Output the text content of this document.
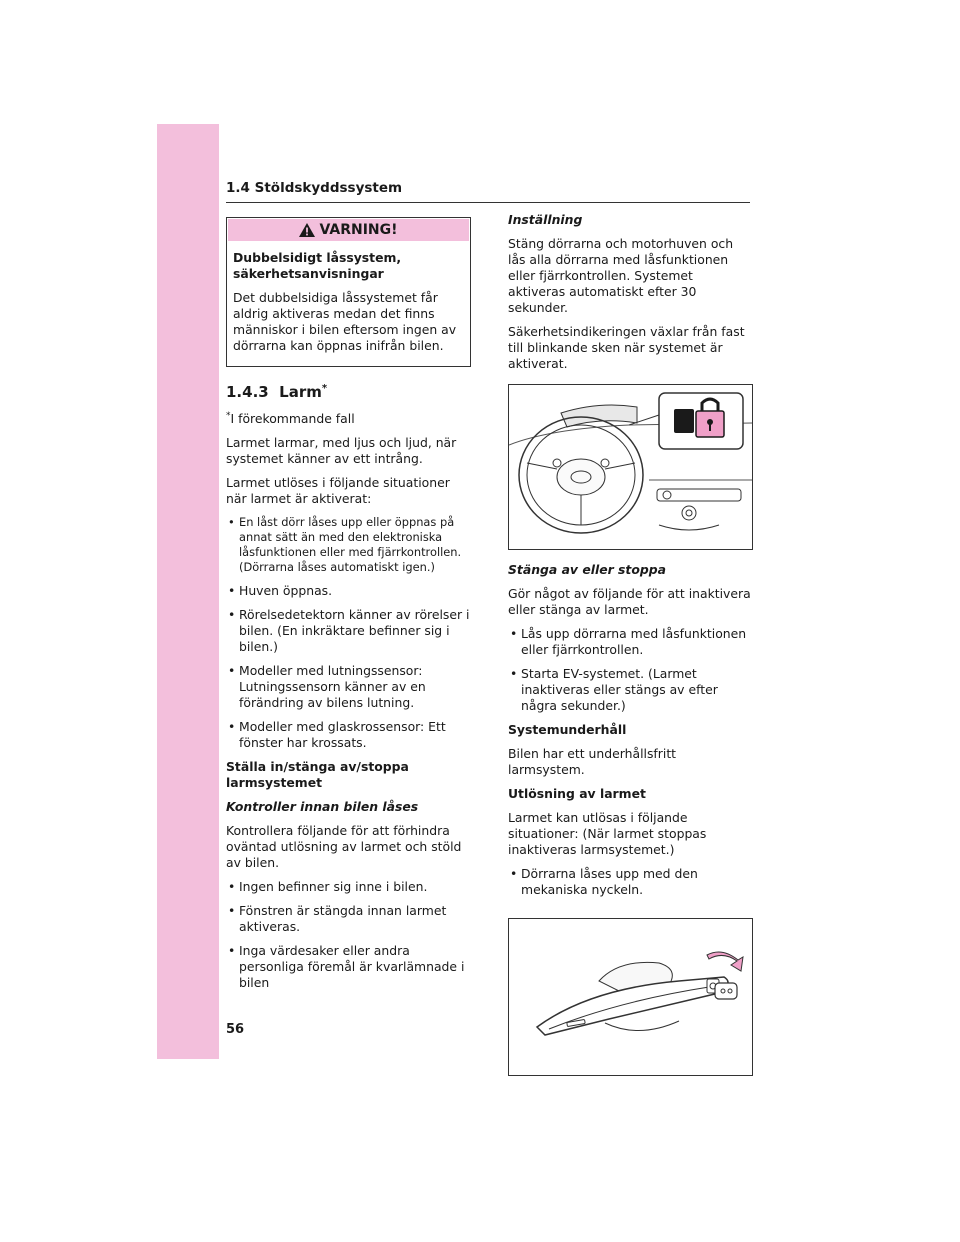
1.4 Stöldskyddssystem
VARNING!

Dubbelsidigt låssystem, säkerhetsanvisningar

Det dubbelsidiga låssystemet får aldrig aktiveras medan det finns människor i bilen eftersom ingen av dörrarna kan öppnas inifrån bilen.

1.4.3 Larm*

*I förekommande fall

Larmet larmar, med ljus och ljud, när systemet känner av ett intrång.

Larmet utlöses i följande situationer när larmet är aktiverat:

• En låst dörr låses upp eller öppnas på annat sätt än med den elektroniska låsfunktionen eller med fjärrkontrollen. (Dörrarna låses automatiskt igen.)
• Huven öppnas.
• Rörelsedetektorn känner av rörelser i bilen. (En inkräktare befinner sig i bilen.)
• Modeller med lutningssensor: Lutningssensorn känner av en förändring av bilens lutning.
• Modeller med glaskrossensor: Ett fönster har krossats.

Ställa in/stänga av/stoppa larmsystemet

Kontroller innan bilen låses

Kontrollera följande för att förhindra oväntad utlösning av larmet och stöld av bilen.

• Ingen befinner sig inne i bilen.
• Fönstren är stängda innan larmet aktiveras.
• Inga värdesaker eller andra personliga föremål är kvarlämnade i bilen

Inställning

Stäng dörrarna och motorhuven och lås alla dörrarna med låsfunktionen eller fjärrkontrollen. Systemet aktiveras automatiskt efter 30 sekunder.

Säkerhetsindikeringen växlar från fast till blinkande sken när systemet är aktiverat.

Stänga av eller stoppa

Gör något av följande för att inaktivera eller stänga av larmet.

• Lås upp dörrarna med låsfunktionen eller fjärrkontrollen.
• Starta EV-systemet. (Larmet inaktiveras eller stängs av efter några sekunder.)

Systemunderhåll

Bilen har ett underhållsfritt larmsystem.

Utlösning av larmet

Larmet kan utlösas i följande situationer: (När larmet stoppas inaktiveras larmsystemet.)

• Dörrarna låses upp med den mekaniska nyckeln.
56
